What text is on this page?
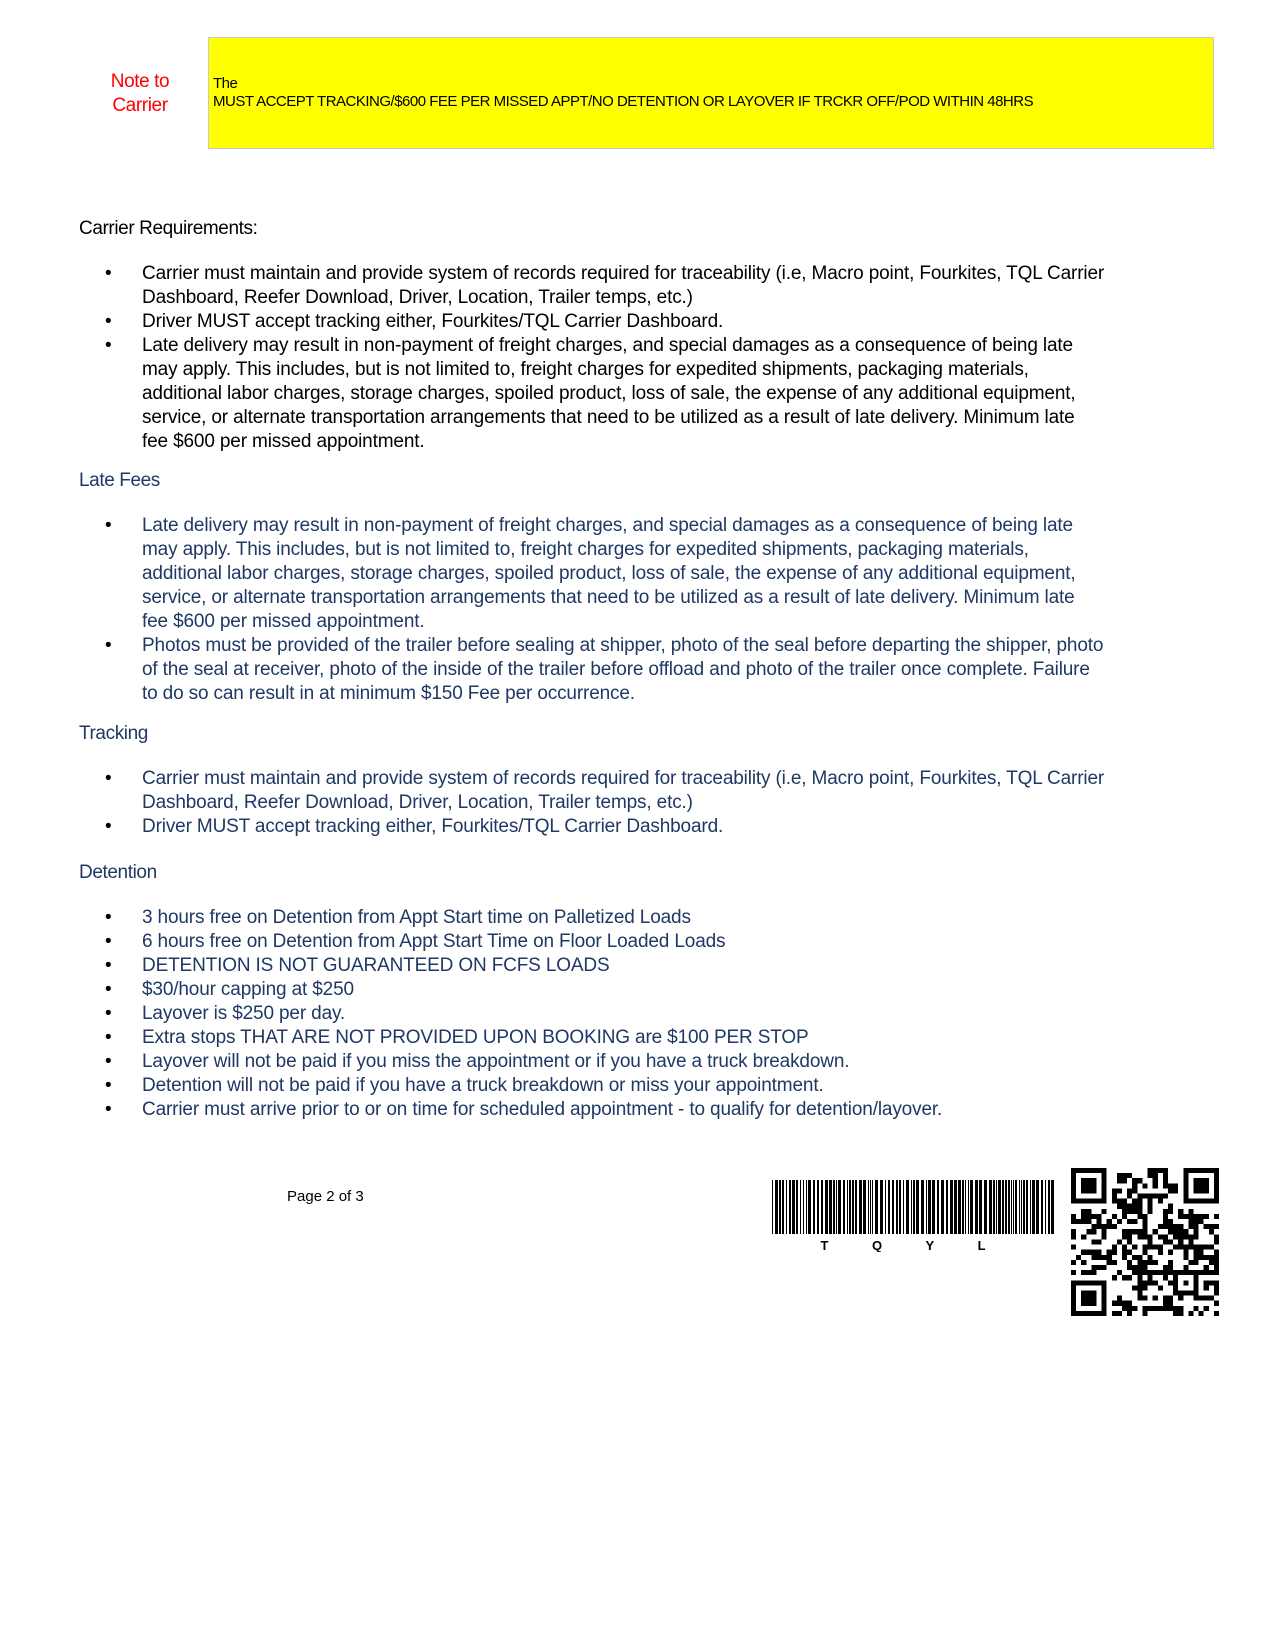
Note to
Carrier
The
MUST ACCEPT TRACKING/$600 FEE PER MISSED APPT/NO DETENTION OR LAYOVER IF TRCKR OFF/POD WITHIN 48HRS
Carrier Requirements:
• Carrier must maintain and provide system of records required for traceability (i.e, Macro point, Fourkites, TQL Carrier Dashboard, Reefer Download, Driver, Location, Trailer temps, etc.)
• Driver MUST accept tracking either, Fourkites/TQL Carrier Dashboard.
• Late delivery may result in non-payment of freight charges, and special damages as a consequence of being late may apply. This includes, but is not limited to, freight charges for expedited shipments, packaging materials, additional labor charges, storage charges, spoiled product, loss of sale, the expense of any additional equipment, service, or alternate transportation arrangements that need to be utilized as a result of late delivery. Minimum late fee $600 per missed appointment.
Late Fees
• Late delivery may result in non-payment of freight charges, and special damages as a consequence of being late may apply. This includes, but is not limited to, freight charges for expedited shipments, packaging materials, additional labor charges, storage charges, spoiled product, loss of sale, the expense of any additional equipment, service, or alternate transportation arrangements that need to be utilized as a result of late delivery. Minimum late fee $600 per missed appointment.
• Photos must be provided of the trailer before sealing at shipper, photo of the seal before departing the shipper, photo of the seal at receiver, photo of the inside of the trailer before offload and photo of the trailer once complete. Failure to do so can result in at minimum $150 Fee per occurrence.
Tracking
• Carrier must maintain and provide system of records required for traceability (i.e, Macro point, Fourkites, TQL Carrier Dashboard, Reefer Download, Driver, Location, Trailer temps, etc.)
• Driver MUST accept tracking either, Fourkites/TQL Carrier Dashboard.
Detention
• 3 hours free on Detention from Appt Start time on Palletized Loads
• 6 hours free on Detention from Appt Start Time on Floor Loaded Loads
• DETENTION IS NOT GUARANTEED ON FCFS LOADS
• $30/hour capping at $250
• Layover is $250 per day.
• Extra stops THAT ARE NOT PROVIDED UPON BOOKING are $100 PER STOP
• Layover will not be paid if you miss the appointment or if you have a truck breakdown.
• Detention will not be paid if you have a truck breakdown or miss your appointment.
• Carrier must arrive prior to or on time for scheduled appointment - to qualify for detention/layover.
Page 2 of 3
T Q Y L
